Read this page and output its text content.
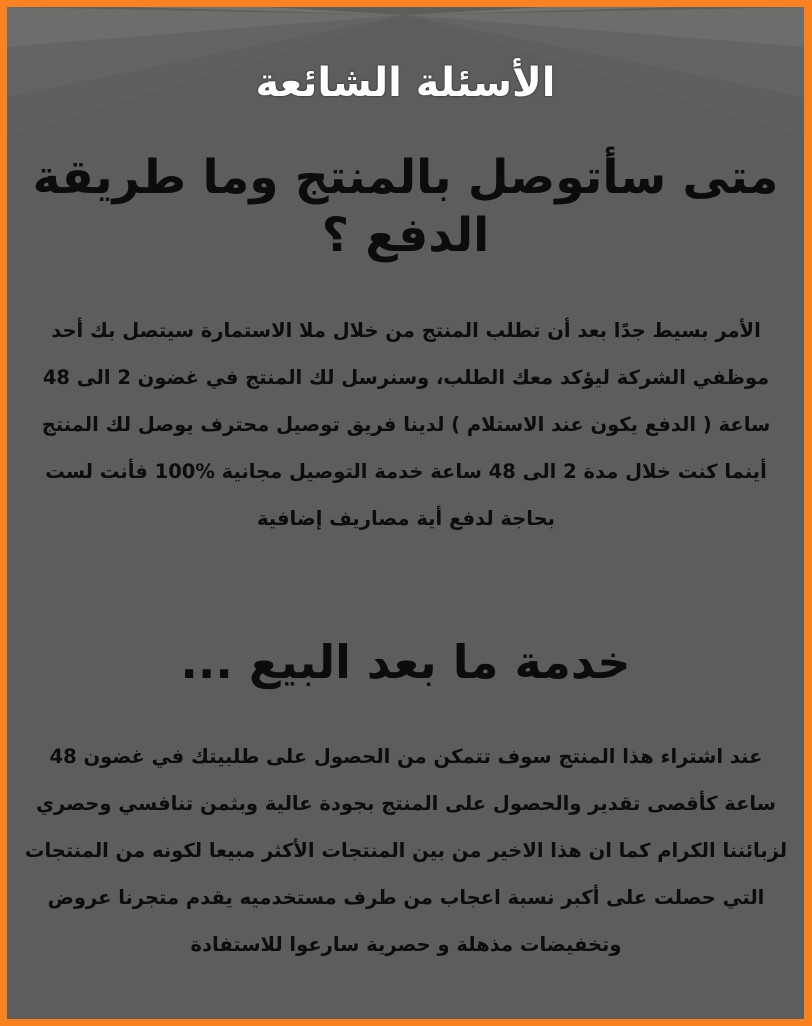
الأسئلة الشائعة
متى سأتوصل بالمنتج وما طريقة الدفع ؟

الأمر بسيط جدًا بعد أن تطلب المنتج من خلال ملا الاستمارة سيتصل بك أحد موظفي الشركة ليؤكد معك الطلب، وسنرسل لك المنتج في غضون 2 الى 48 ساعة ( الدفع يكون عند الاستلام ) لدينا فريق توصيل محترف يوصل لك المنتج أينما كنت خلال مدة 2 الى 48 ساعة خدمة التوصيل مجانية %100 فأنت لست بحاجة لدفع أية مصاريف إضافية

خدمة ما بعد البيع ...

عند اشتراء هذا المنتج سوف تتمكن من الحصول على طلبيتك في غضون 48 ساعة كأقصى تقدير والحصول على المنتج بجودة عالية وبثمن تنافسي وحصري لزبائننا الكرام كما ان هذا الاخير من بين المنتجات الأكثر مبيعا لكونه من المنتجات التي حصلت على أكبر نسبة اعجاب من طرف مستخدميه يقدم متجرنا عروض وتخفيضات مذهلة و حصرية سارعوا للاستفادة
